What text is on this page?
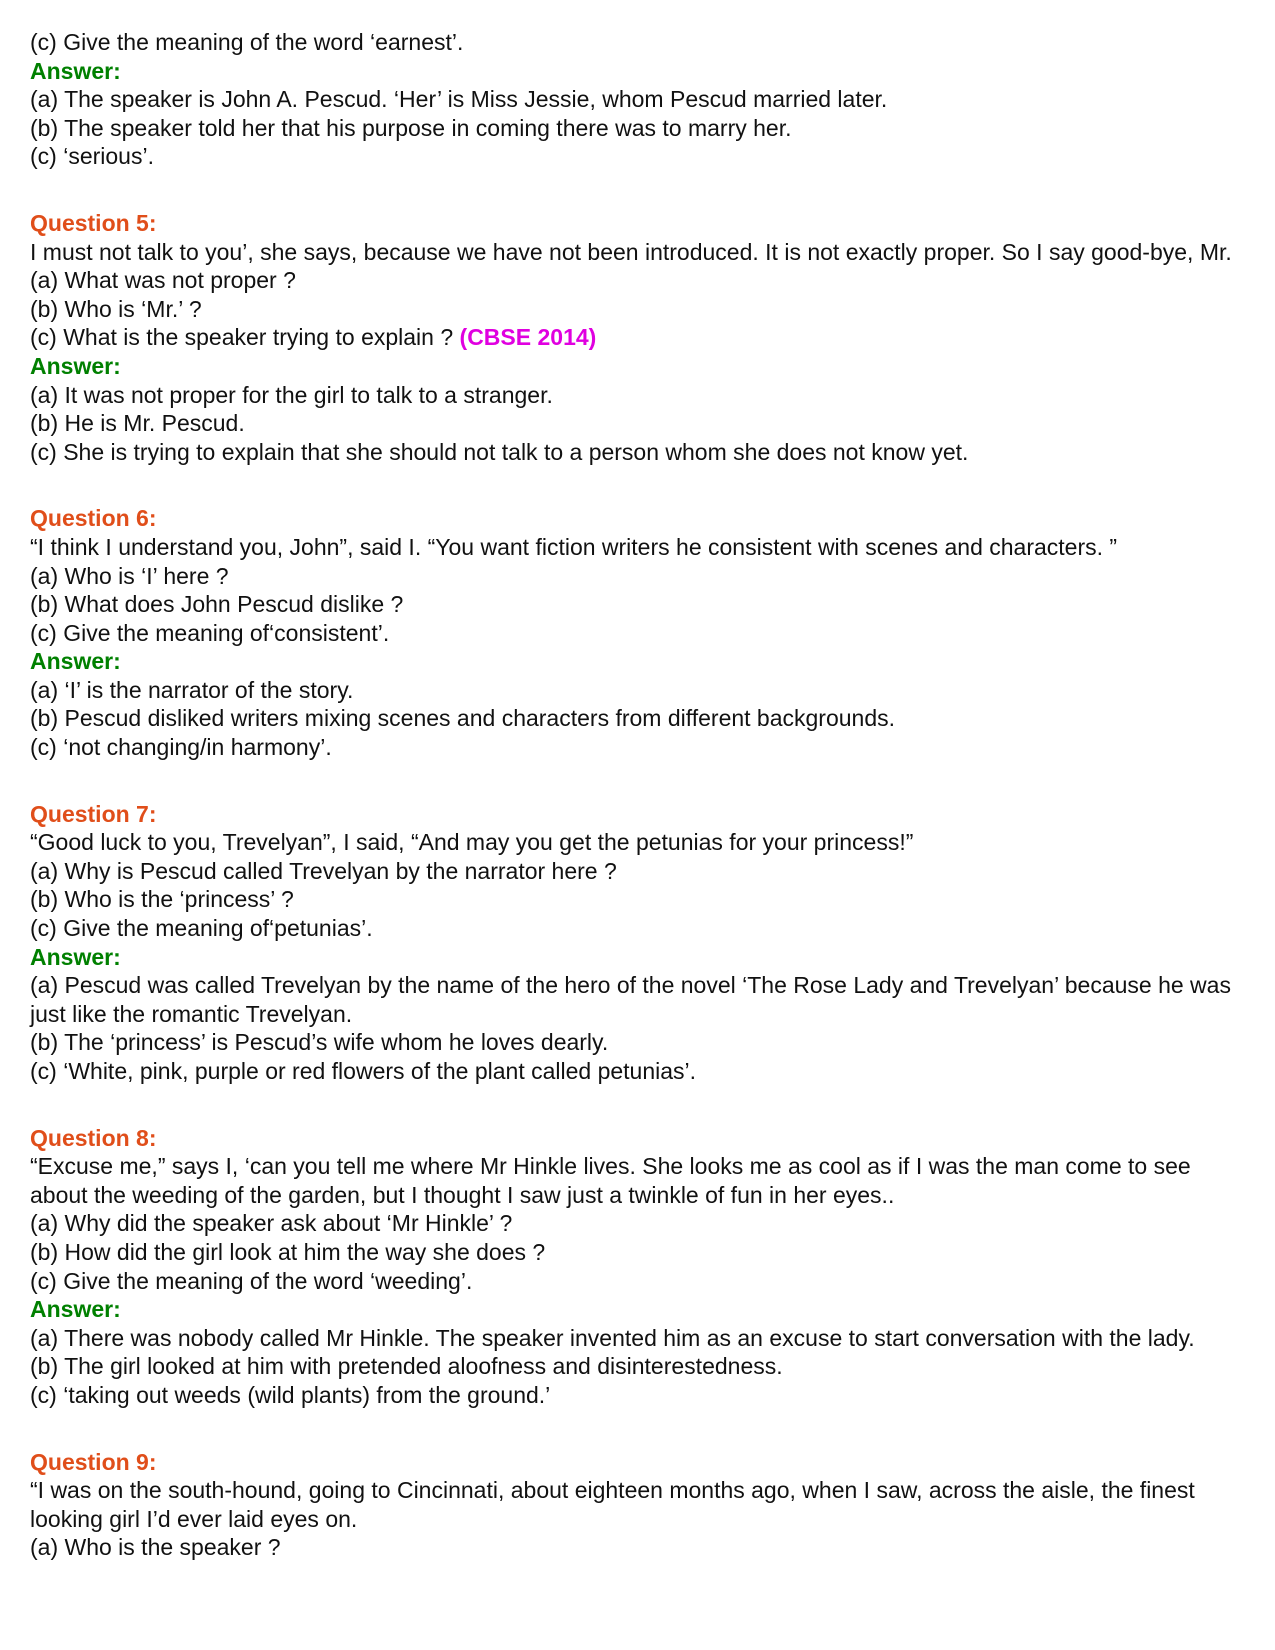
(c) Give the meaning of the word ‘earnest’.

Answer:

(a) The speaker is John A. Pescud. ‘Her’ is Miss Jessie, whom Pescud married later.

(b) The speaker told her that his purpose in coming there was to marry her.

(c) ‘serious’.

Question 5:

I must not talk to you’, she says, because we have not been introduced. It is not exactly proper. So I say good-bye, Mr.

(a) What was not proper ?

(b) Who is ‘Mr.’ ?

(c) What is the speaker trying to explain ? (CBSE 2014)

Answer:

(a) It was not proper for the girl to talk to a stranger.

(b) He is Mr. Pescud.

(c) She is trying to explain that she should not talk to a person whom she does not know yet.

Question 6:

“I think I understand you, John”, said I. “You want fiction writers he consistent with scenes and characters. ”

(a) Who is ‘I’ here ?

(b) What does John Pescud dislike ?

(c) Give the meaning of‘consistent’.

Answer:

(a) ‘I’ is the narrator of the story.

(b) Pescud disliked writers mixing scenes and characters from different backgrounds.

(c) ‘not changing/in harmony’.

Question 7:

“Good luck to you, Trevelyan”, I said, “And may you get the petunias for your princess!”

(a) Why is Pescud called Trevelyan by the narrator here ?

(b) Who is the ‘princess’ ?

(c) Give the meaning of‘petunias’.

Answer:

(a) Pescud was called Trevelyan by the name of the hero of the novel ‘The Rose Lady and Trevelyan’ because he was just like the romantic Trevelyan.

(b) The ‘princess’ is Pescud’s wife whom he loves dearly.

(c) ‘White, pink, purple or red flowers of the plant called petunias’.

Question 8:

“Excuse me,” says I, ‘can you tell me where Mr Hinkle lives. She looks me as cool as if I was the man come to see about the weeding of the garden, but I thought I saw just a twinkle of fun in her eyes..

(a) Why did the speaker ask about ‘Mr Hinkle’ ?

(b) How did the girl look at him the way she does ?

(c) Give the meaning of the word ‘weeding’.

Answer:

(a) There was nobody called Mr Hinkle. The speaker invented him as an excuse to start conversation with the lady.

(b) The girl looked at him with pretended aloofness and disinterestedness.

(c) ‘taking out weeds (wild plants) from the ground.’

Question 9:

“I was on the south-hound, going to Cincinnati, about eighteen months ago, when I saw, across the aisle, the finest looking girl I’d ever laid eyes on.

(a) Who is the speaker ?
